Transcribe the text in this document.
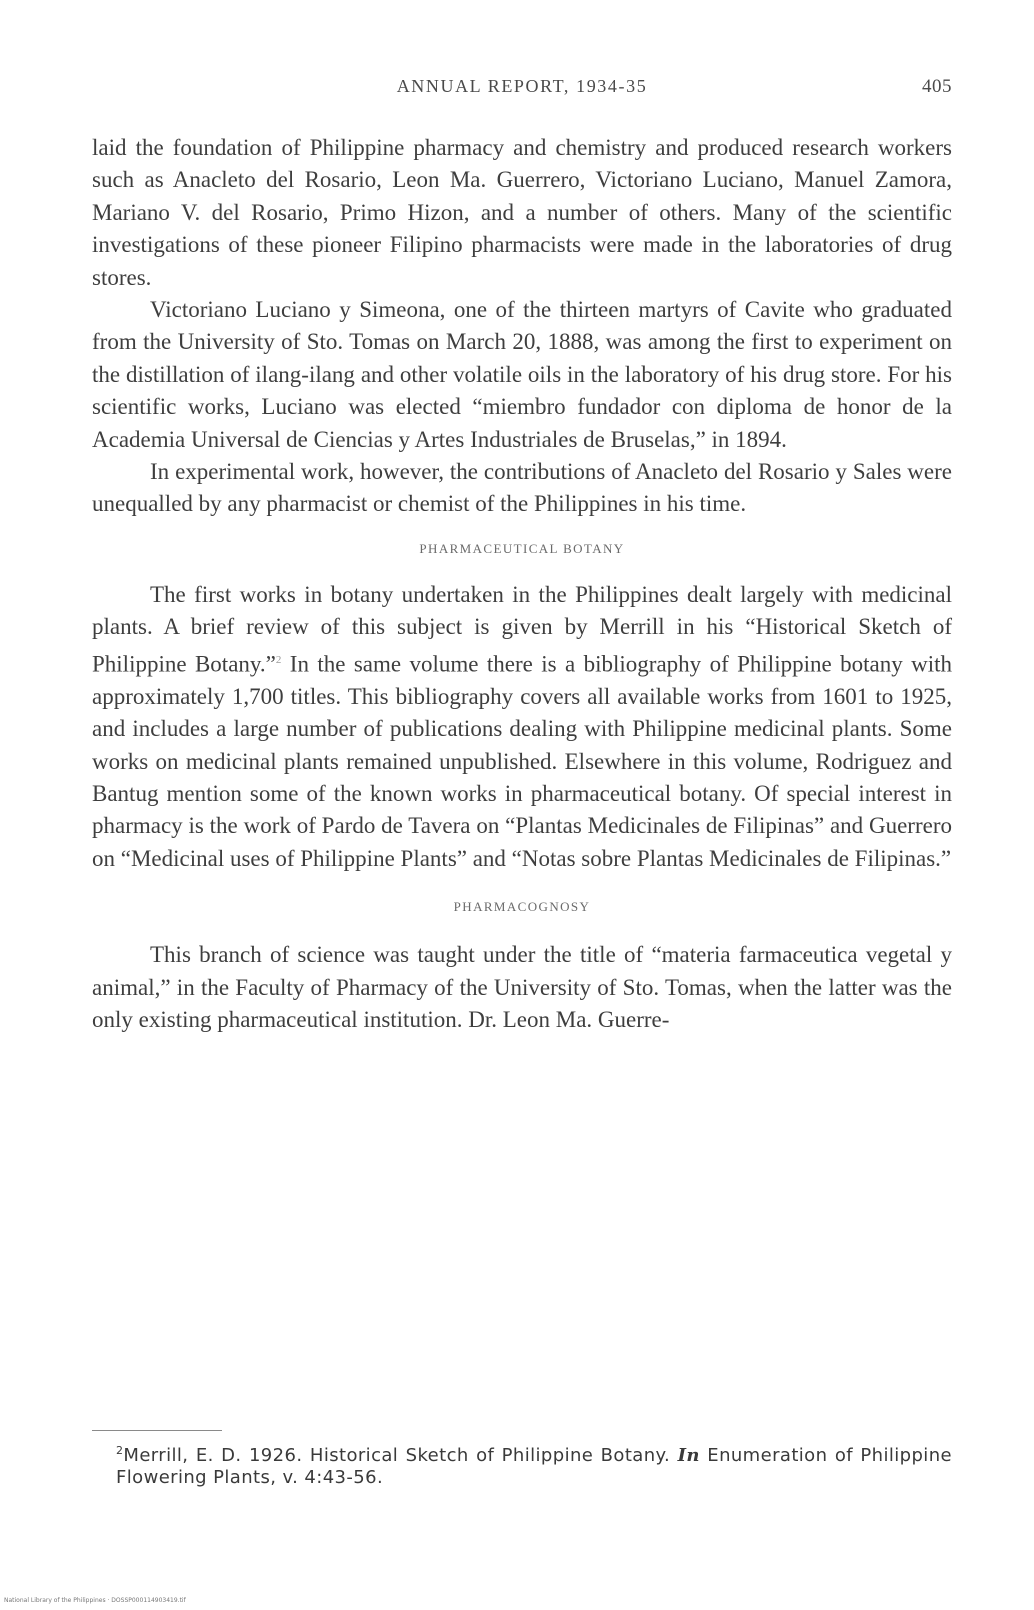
ANNUAL REPORT, 1934-35	405

laid the foundation of Philippine pharmacy and chemistry and produced research workers such as Anacleto del Rosario, Leon Ma. Guerrero, Victoriano Luciano, Manuel Zamora, Mariano V. del Rosario, Primo Hizon, and a number of others. Many of the scientific investigations of these pioneer Filipino pharmacists were made in the laboratories of drug stores.

Victoriano Luciano y Simeona, one of the thirteen martyrs of Cavite who graduated from the University of Sto. Tomas on March 20, 1888, was among the first to experiment on the distillation of ilang-ilang and other volatile oils in the laboratory of his drug store. For his scientific works, Luciano was elected “miembro fundador con diploma de honor de la Academia Universal de Ciencias y Artes Industriales de Bruselas,” in 1894.

In experimental work, however, the contributions of Anacleto del Rosario y Sales were unequalled by any pharmacist or chemist of the Philippines in his time.

PHARMACEUTICAL BOTANY

The first works in botany undertaken in the Philippines dealt largely with medicinal plants. A brief review of this subject is given by Merrill in his “Historical Sketch of Philippine Botany.”$^2$ In the same volume there is a bibliography of Philippine botany with approximately 1,700 titles. This bibliography covers all available works from 1601 to 1925, and includes a large number of publications dealing with Philippine medicinal plants. Some works on medicinal plants remained unpublished. Elsewhere in this volume, Rodriguez and Bantug mention some of the known works in pharmaceutical botany. Of special interest in pharmacy is the work of Pardo de Tavera on “Plantas Medicinales de Filipinas” and Guerrero on “Medicinal uses of Philippine Plants” and “Notas sobre Plantas Medicinales de Filipinas.”

PHARMACOGNOSY

This branch of science was taught under the title of “materia farmaceutica vegetal y animal,” in the Faculty of Pharmacy of the University of Sto. Tomas, when the latter was the only existing pharmaceutical institution. Dr. Leon Ma. Guerre-

$^2$Merrill, E. D. 1926. Historical Sketch of Philippine Botany. In Enumeration of Philippine Flowering Plants, v. 4:43-56.
National Library of the Philippines · DOSSP000114903419.tif
